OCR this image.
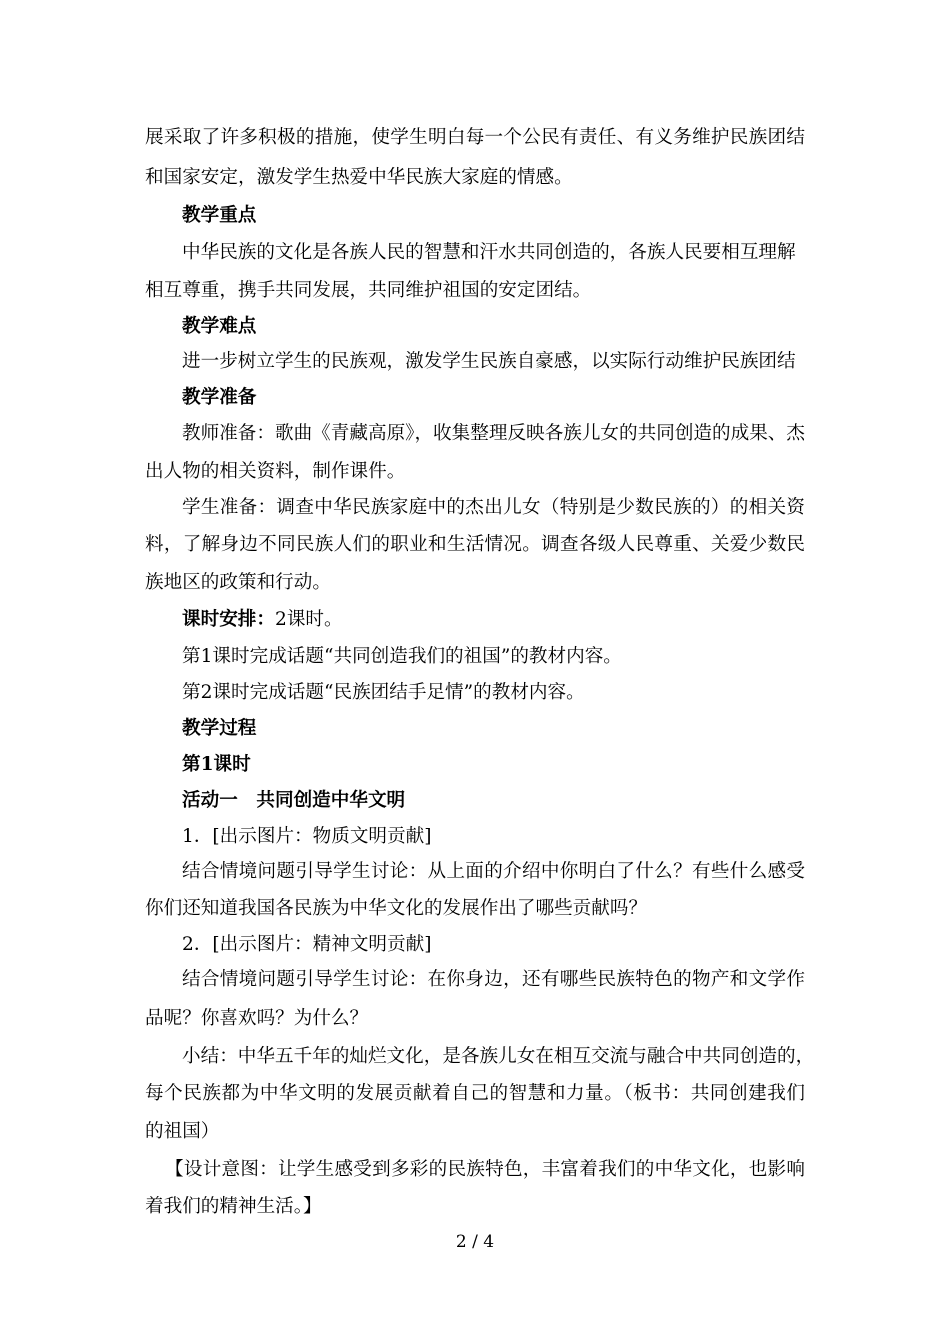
展采取了许多积极的措施，使学生明白每一个公民有责任、有义务维护民族团结
和国家安定，激发学生热爱中华民族大家庭的情感。
教学重点
中华民族的文化是各族人民的智慧和汗水共同创造的，各族人民要相互理解
相互尊重，携手共同发展，共同维护祖国的安定团结。
教学难点
进一步树立学生的民族观，激发学生民族自豪感，以实际行动维护民族团结
教学准备
教师准备：歌曲《青藏高原》，收集整理反映各族儿女的共同创造的成果、杰
出人物的相关资料，制作课件。
学生准备：调查中华民族家庭中的杰出儿女（特别是少数民族的）的相关资
料，了解身边不同民族人们的职业和生活情况。调查各级人民尊重、关爱少数民
族地区的政策和行动。
课时安排：2课时。
第1课时完成话题“共同创造我们的祖国”的教材内容。
第2课时完成话题“民族团结手足情”的教材内容。
教学过程
第1课时
活动一　共同创造中华文明
1．[出示图片：物质文明贡献]
结合情境问题引导学生讨论：从上面的介绍中你明白了什么？有些什么感受
你们还知道我国各民族为中华文化的发展作出了哪些贡献吗？
2．[出示图片：精神文明贡献]
结合情境问题引导学生讨论：在你身边，还有哪些民族特色的物产和文学作
品呢？你喜欢吗？为什么？
小结：中华五千年的灿烂文化，是各族儿女在相互交流与融合中共同创造的，
每个民族都为中华文明的发展贡献着自己的智慧和力量。（板书：共同创建我们
的祖国）
【设计意图：让学生感受到多彩的民族特色，丰富着我们的中华文化，也影响
着我们的精神生活。】
2 / 4
